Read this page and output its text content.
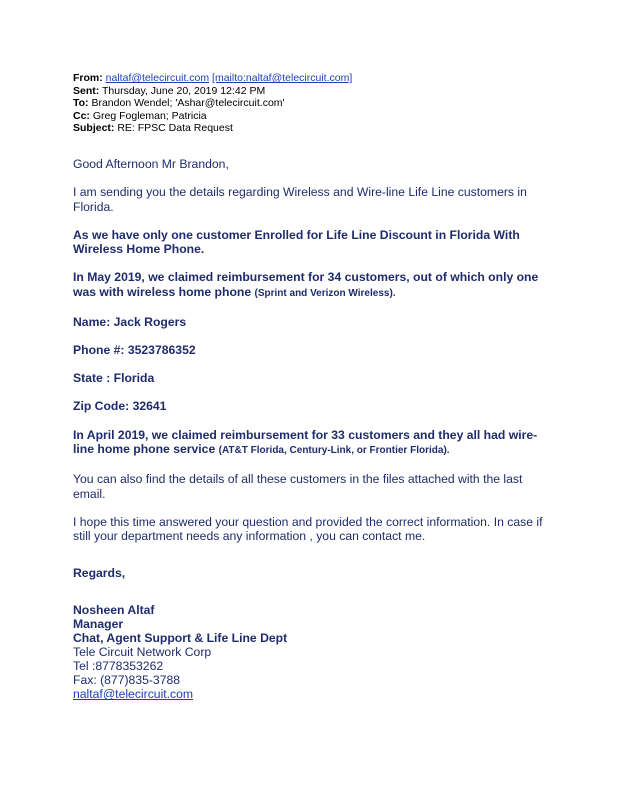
From: naltaf@telecircuit.com [mailto:naltaf@telecircuit.com]
Sent: Thursday, June 20, 2019 12:42 PM
To: Brandon Wendel; 'Ashar@telecircuit.com'
Cc: Greg Fogleman; Patricia
Subject: RE: FPSC Data Request

Good Afternoon Mr Brandon,

I am sending you the details regarding Wireless and Wire-line Life Line customers in Florida.

As we have only one customer Enrolled for Life Line Discount in Florida With Wireless Home Phone.

In May 2019, we claimed reimbursement for 34 customers, out of which only one was with wireless home phone (Sprint and Verizon Wireless).

Name: Jack Rogers

Phone #: 3523786352

State : Florida

Zip Code: 32641

In April 2019, we claimed reimbursement for 33 customers and they all had wire-line home phone service (AT&T Florida, Century-Link, or Frontier Florida).

You can also find the details of all these customers in the files attached with the last email.

I hope this time answered your question and provided the correct information. In case if still your department needs any information , you can contact me.

Regards,

Nosheen Altaf
Manager
Chat, Agent Support & Life Line Dept
Tele Circuit Network Corp
Tel :8778353262
Fax: (877)835-3788
naltaf@telecircuit.com
